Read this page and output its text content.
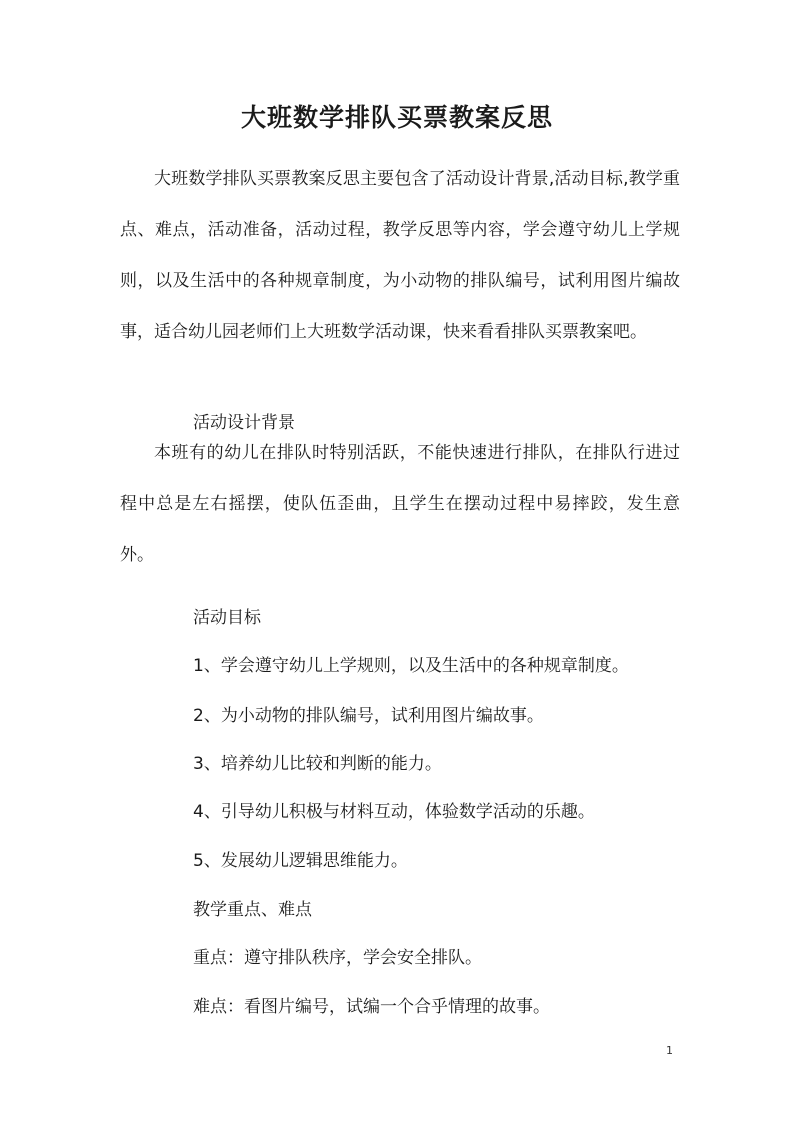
大班数学排队买票教案反思
大班数学排队买票教案反思主要包含了活动设计背景,活动目标,教学重点、难点，活动准备，活动过程，教学反思等内容，学会遵守幼儿上学规则，以及生活中的各种规章制度，为小动物的排队编号，试利用图片编故事，适合幼儿园老师们上大班数学活动课，快来看看排队买票教案吧。
活动设计背景
本班有的幼儿在排队时特别活跃，不能快速进行排队，在排队行进过程中总是左右摇摆，使队伍歪曲，且学生在摆动过程中易摔跤，发生意外。
活动目标
1、学会遵守幼儿上学规则，以及生活中的各种规章制度。
2、为小动物的排队编号，试利用图片编故事。
3、培养幼儿比较和判断的能力。
4、引导幼儿积极与材料互动，体验数学活动的乐趣。
5、发展幼儿逻辑思维能力。
教学重点、难点
重点：遵守排队秩序，学会安全排队。
难点：看图片编号，试编一个合乎情理的故事。
1
